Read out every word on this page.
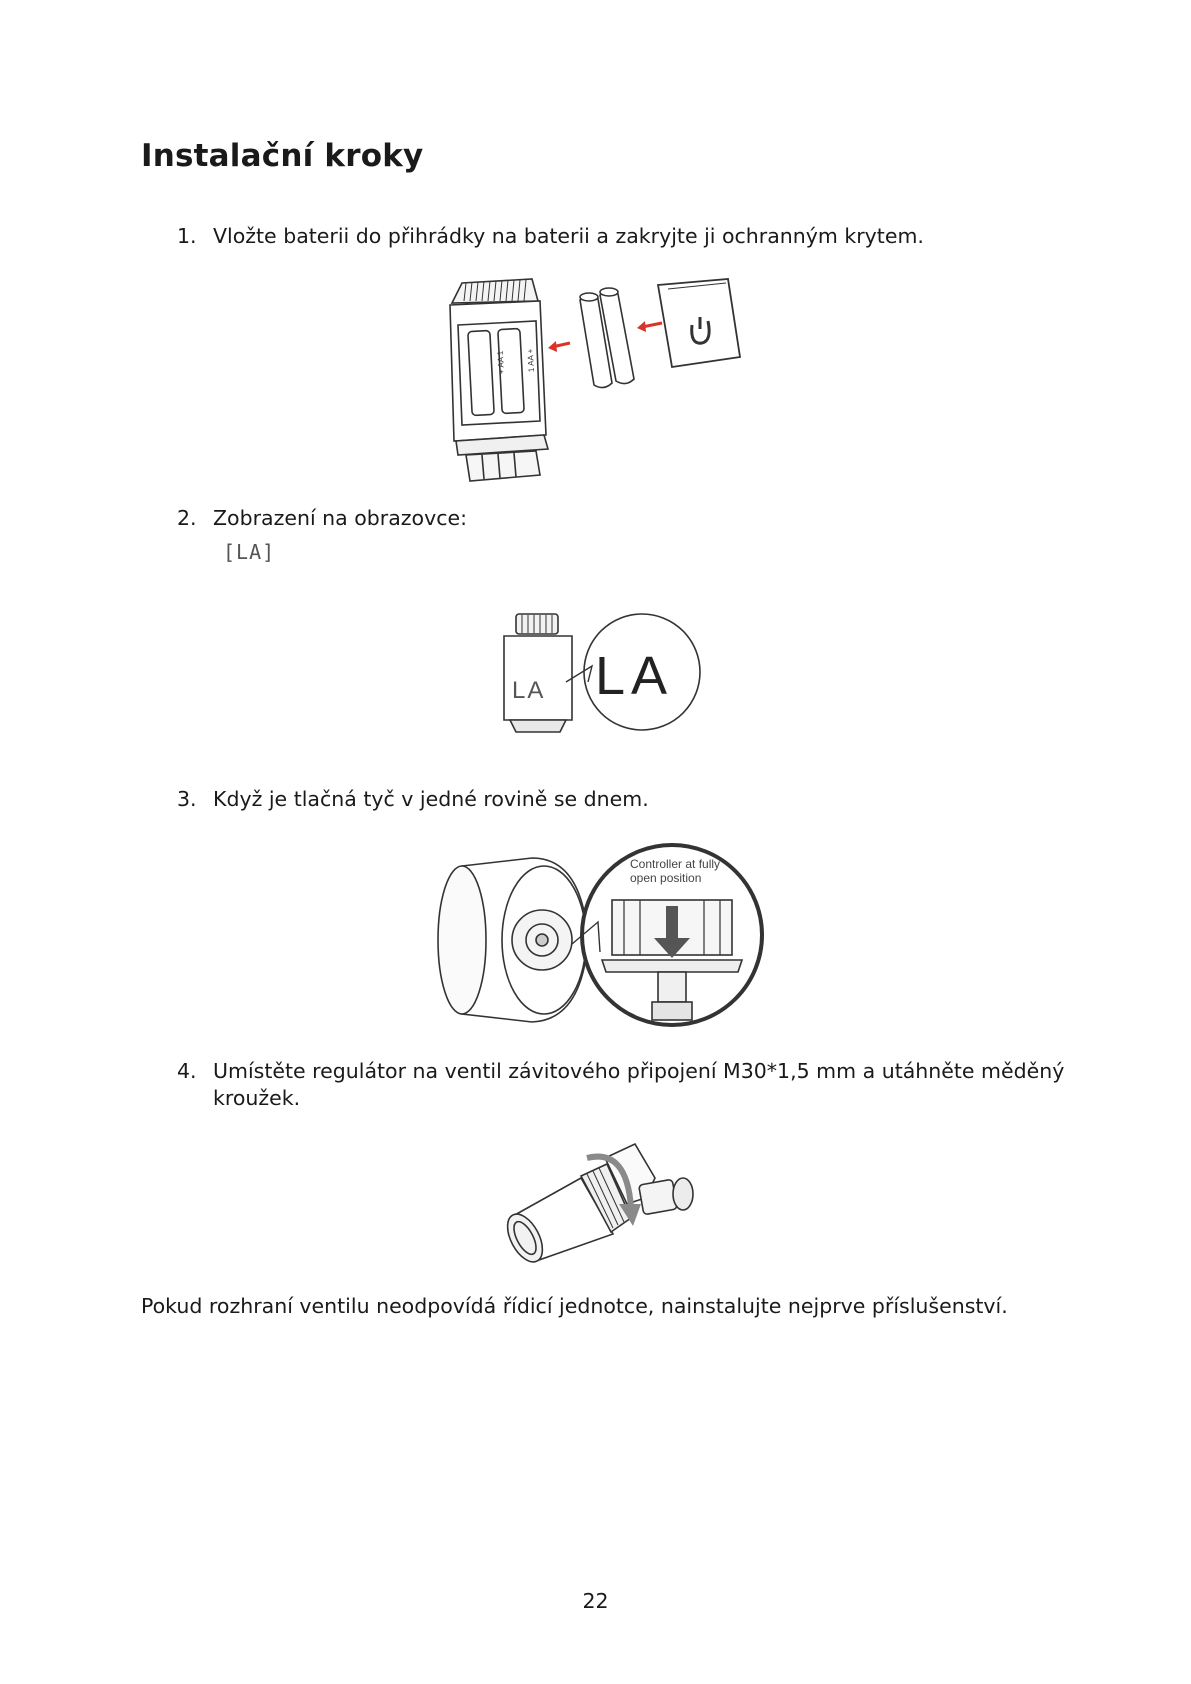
Instalační kroky
1. Vložte baterii do přihrádky na baterii a zakryjte ji ochranným krytem.
+ AA 1 1 AA +
2. Zobrazení na obrazovce:
[LA]
LA LA
3. Když je tlačná tyč v jedné rovině se dnem.
Controller at fully
open position
4. Umístěte regulátor na ventil závitového připojení M30*1,5 mm a utáhněte měděný kroužek.
Pokud rozhraní ventilu neodpovídá řídicí jednotce, nainstalujte nejprve příslušenství.
22
